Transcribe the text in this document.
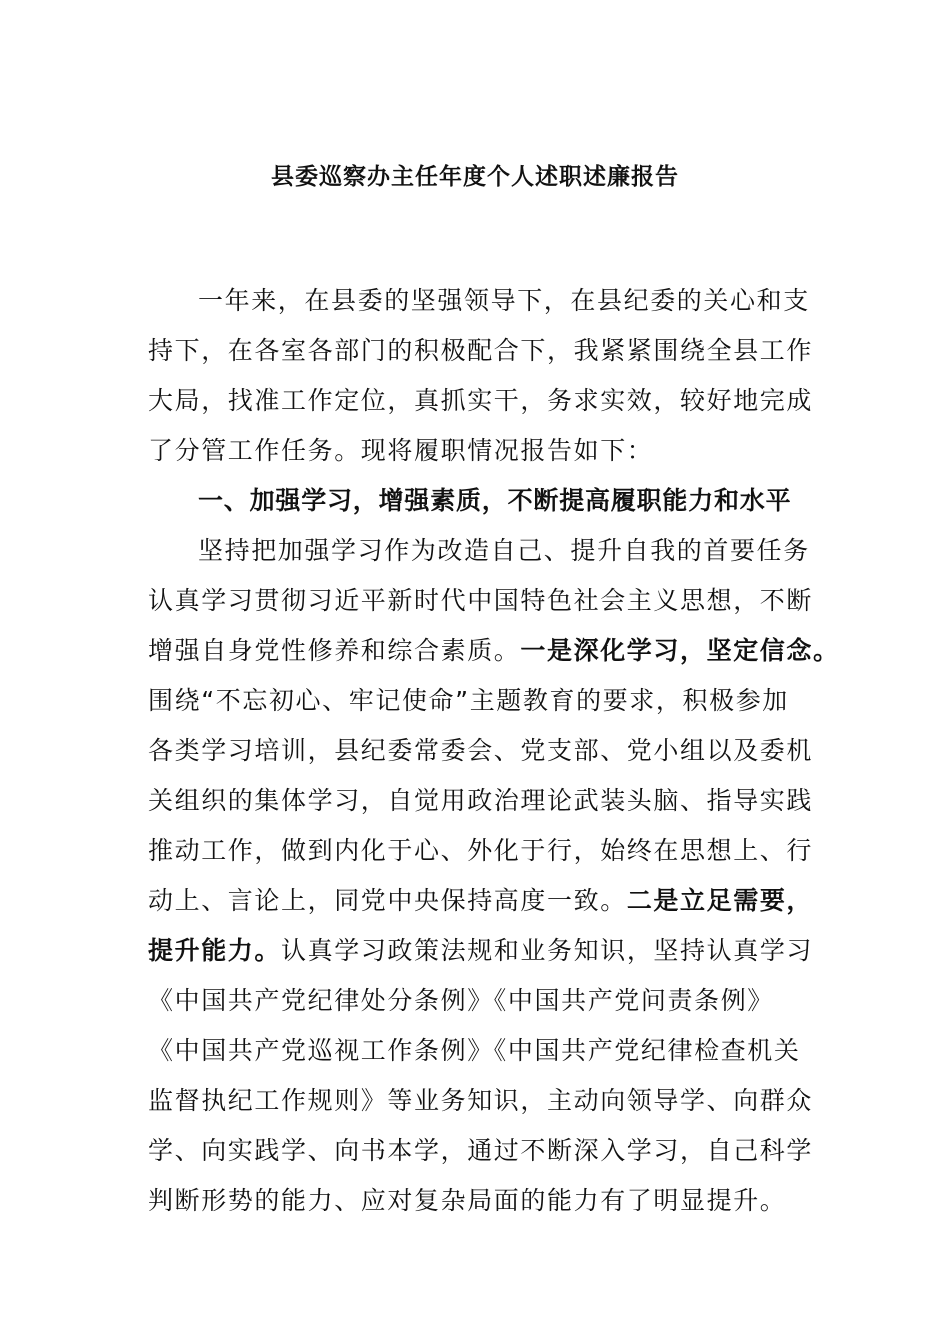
县委巡察办主任年度个人述职述廉报告
一年来，在县委的坚强领导下，在县纪委的关心和支
持下，在各室各部门的积极配合下，我紧紧围绕全县工作
大局，找准工作定位，真抓实干，务求实效，较好地完成
了分管工作任务。现将履职情况报告如下：
一、加强学习，增强素质，不断提高履职能力和水平
坚持把加强学习作为改造自己、提升自我的首要任务
认真学习贯彻习近平新时代中国特色社会主义思想，不断
增强自身党性修养和综合素质。一是深化学习，坚定信念。
围绕“不忘初心、牢记使命”主题教育的要求，积极参加
各类学习培训，县纪委常委会、党支部、党小组以及委机
关组织的集体学习，自觉用政治理论武装头脑、指导实践
推动工作，做到内化于心、外化于行，始终在思想上、行
动上、言论上，同党中央保持高度一致。二是立足需要，
提升能力。认真学习政策法规和业务知识，坚持认真学习
《中国共产党纪律处分条例》《中国共产党问责条例》
《中国共产党巡视工作条例》《中国共产党纪律检查机关
监督执纪工作规则》等业务知识，主动向领导学、向群众
学、向实践学、向书本学，通过不断深入学习，自己科学
判断形势的能力、应对复杂局面的能力有了明显提升。
